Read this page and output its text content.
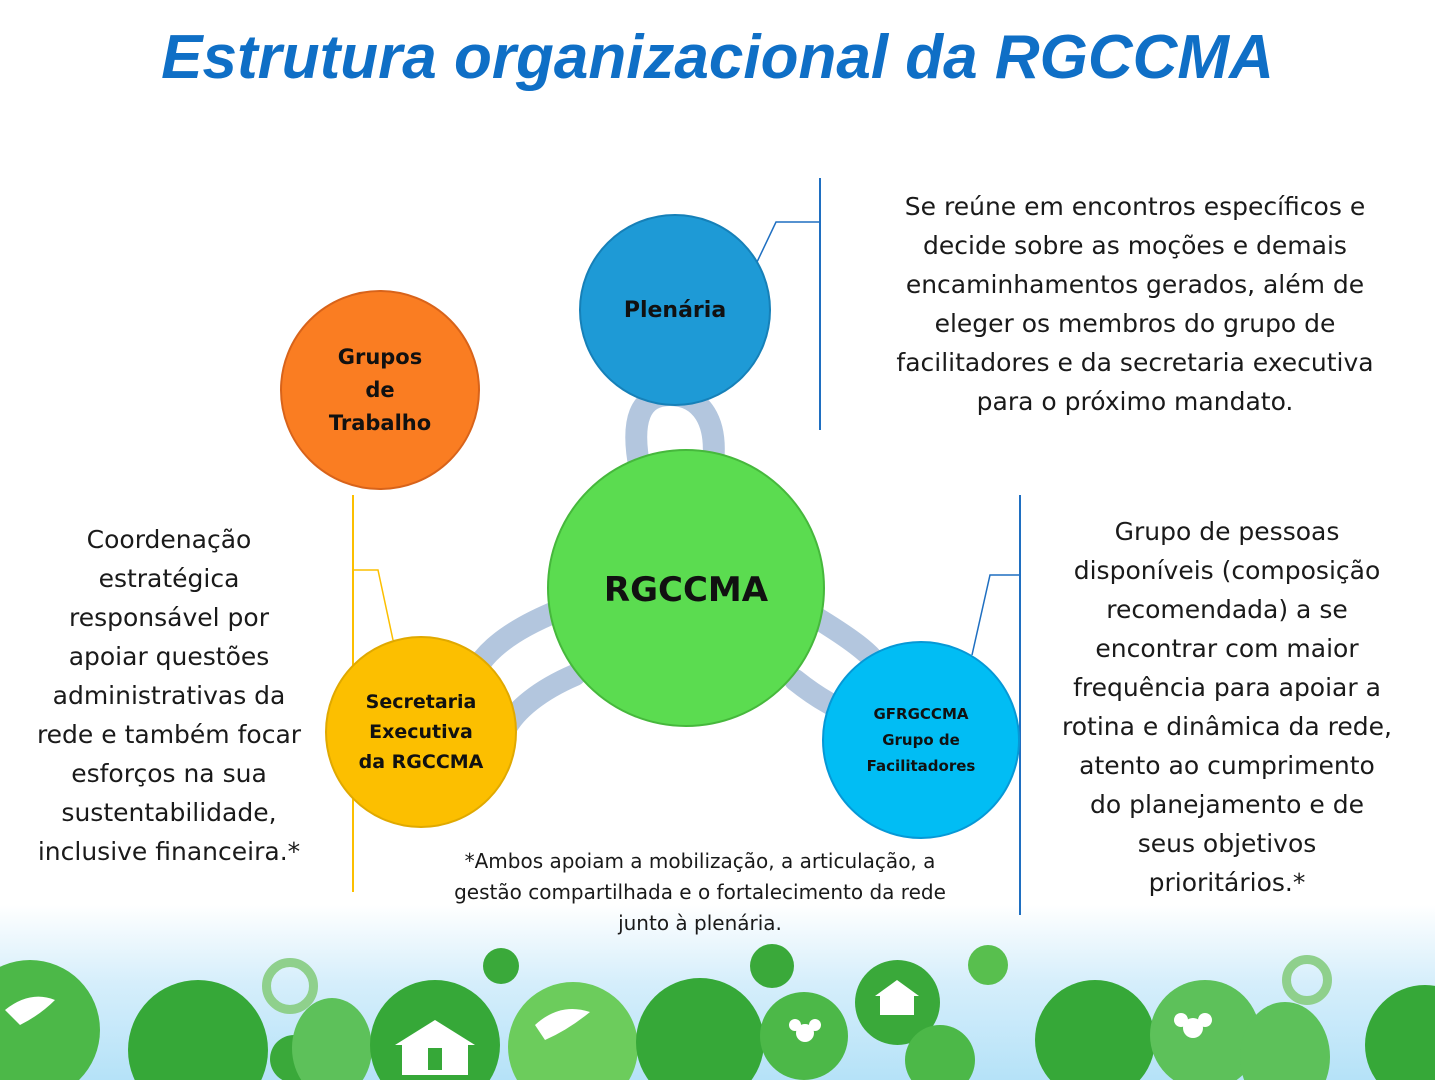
Estrutura organizacional da RGCCMA
Grupos de Trabalho
Plenária
RGCCMA
Secretaria Executiva da RGCCMA
GFRGCCMA
Grupo de Facilitadores
Se reúne em encontros específicos e decide sobre as moções e demais encaminhamentos gerados, além de eleger os membros do grupo de facilitadores e da secretaria executiva para o próximo mandato.
Coordenação estratégica responsável por apoiar questões administrativas da rede e também focar esforços na sua sustentabilidade, inclusive financeira.*
Grupo de pessoas disponíveis (composição recomendada) a se encontrar com maior frequência para apoiar a rotina e dinâmica da rede, atento ao cumprimento do planejamento e de seus objetivos prioritários.*
*Ambos apoiam a mobilização, a articulação, a gestão compartilhada e o fortalecimento da rede junto à plenária.
